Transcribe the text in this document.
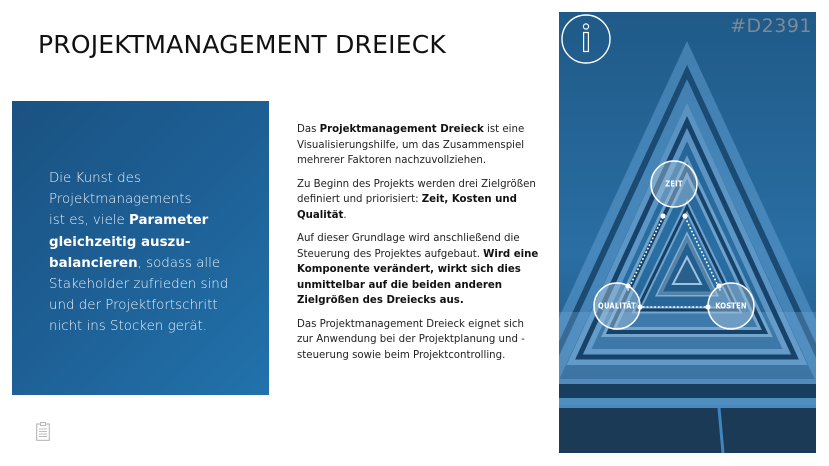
PROJEKTMANAGEMENT DREIECK
Die Kunst des
Projektmanagements
ist es, viele Parameter
gleichzeitig auszu-
balancieren, sodass alle
Stakeholder zufrieden sind
und der Projektfortschritt
nicht ins Stocken gerät.

Das Projektmanagement Dreieck ist eine Visualisierungshilfe, um das Zusammenspiel mehrerer Faktoren nachzuvollziehen.

Zu Beginn des Projekts werden drei Zielgrößen definiert und priorisiert: Zeit, Kosten und Qualität.

Auf dieser Grundlage wird anschließend die Steuerung des Projektes aufgebaut. Wird eine Komponente verändert, wirkt sich dies unmittelbar auf die beiden anderen Zielgrößen des Dreiecks aus.

Das Projektmanagement Dreieck eignet sich zur Anwendung bei der Projektplanung und -steuerung sowie beim Projektcontrolling.

#D2391
ZEIT
QUALITÄT	KOSTEN
